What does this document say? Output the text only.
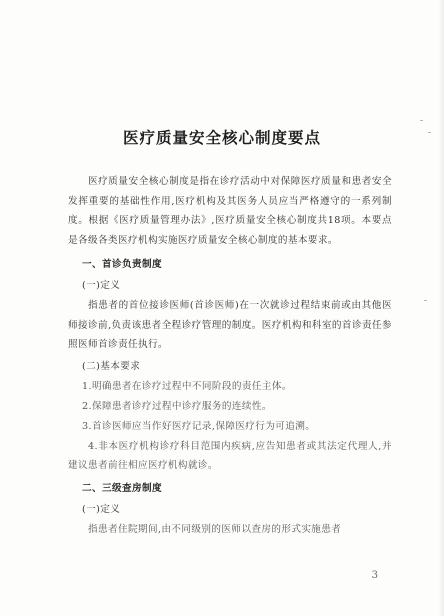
医疗质量安全核心制度要点

医疗质量安全核心制度是指在诊疗活动中对保障医疗质量和患者安全发挥重要的基础性作用,医疗机构及其医务人员应当严格遵守的一系列制度。根据《医疗质量管理办法》,医疗质量安全核心制度共18项。本要点是各级各类医疗机构实施医疗质量安全核心制度的基本要求。

一、首诊负责制度

(一)定义

指患者的首位接诊医师(首诊医师)在一次就诊过程结束前或由其他医师接诊前,负责该患者全程诊疗管理的制度。医疗机构和科室的首诊责任参照医师首诊责任执行。

(二)基本要求

1.明确患者在诊疗过程中不同阶段的责任主体。

2.保障患者诊疗过程中诊疗服务的连续性。

3.首诊医师应当作好医疗记录,保障医疗行为可追溯。

4.非本医疗机构诊疗科目范围内疾病,应告知患者或其法定代理人,并建议患者前往相应医疗机构就诊。

二、三级查房制度

(一)定义

指患者住院期间,由不同级别的医师以查房的形式实施患者

3
